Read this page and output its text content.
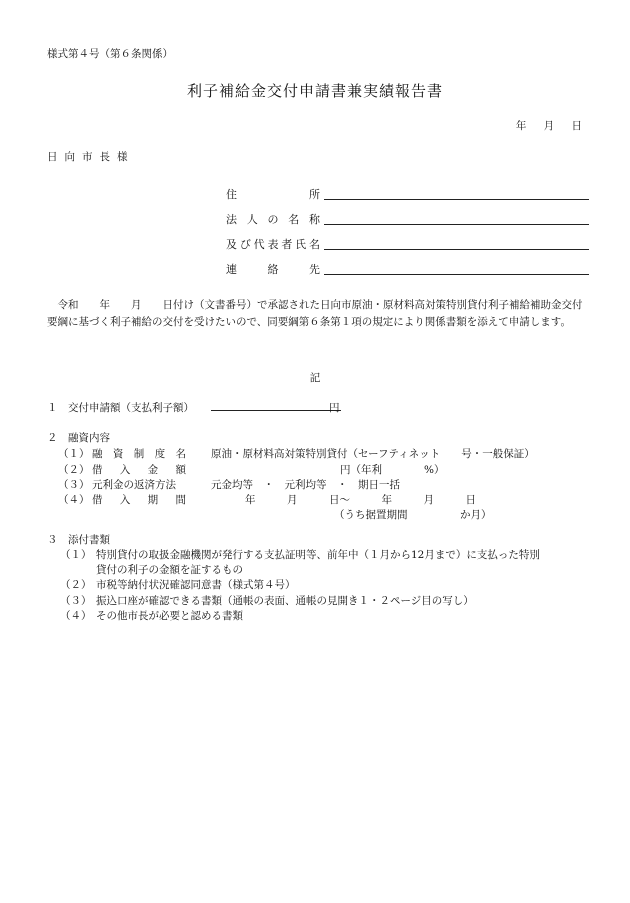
様式第４号（第６条関係）
利子補給金交付申請書兼実績報告書
年 月 日
日向市長様
住所
法人の名称
及び代表者氏名
連絡先
令和　　年　　月　　日付け（文書番号）で承認された日向市原油・原材料高対策特別貸付利子補給補助金交付要綱に基づく利子補給の交付を受けたいので、同要綱第６条第１項の規定により関係書類を添えて申請します。
記
１　交付申請額（支払利子額）	円
２　融資内容
（１） 融資制度名 原油・原材料高対策特別貸付（セーフティネット　　号・一般保証）
（２） 借入金額	円（年利　　　　%）
（３） 元利金の返済方法	元金均等　・　元利均等　・　期日一括
（４） 借入期間	年　　　月　　　日～　　　年　　　月　　　日
（うち据置期間　　　　　か月）
３　添付書類
（１） 特別貸付の取扱金融機関が発行する支払証明等、前年中（１月から12月まで）に支払った特別
貸付の利子の金額を証するもの
（２） 市税等納付状況確認同意書（様式第４号）
（３） 振込口座が確認できる書類（通帳の表面、通帳の見開き１・２ページ目の写し）
（４） その他市長が必要と認める書類
